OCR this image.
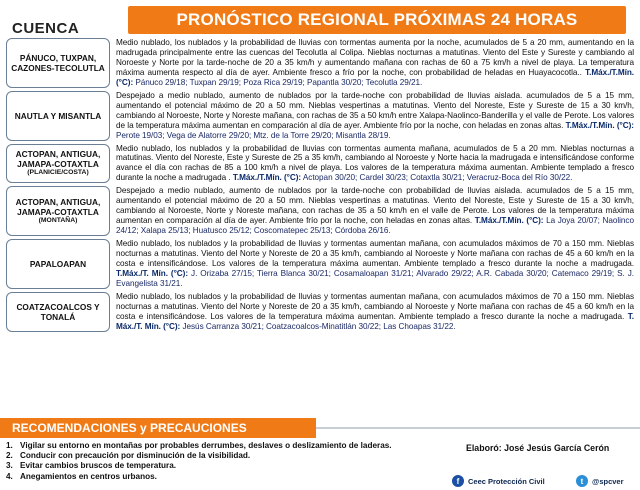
CUENCA	PRONÓSTICO REGIONAL PRÓXIMAS 24 HORAS
PÁNUCO, TUXPAN, CAZONES-TECOLUTLA
Medio nublado, los nublados y la probabilidad de lluvias con tormentas aumenta por la noche, acumulados de 5 a 20 mm, aumentando en la madrugada principalmente entre las cuencas del Tecolutla al Colipa. Nieblas nocturnas a matutinas. Viento del Este y Sureste y cambiando al Noroeste y Norte por la tarde-noche de 20 a 35 km/h y aumentando mañana con rachas de 60 a 75 km/h a nivel de playa. La temperatura máxima aumenta respecto al día de ayer. Ambiente fresco a frío por la noche, con probabilidad de heladas en Huayacocotla.. T.Máx./T.Mín. (°C): Pánuco 29/18; Tuxpan 29/19; Poza Rica 29/19; Papantla 30/20; Tecolutla 29/21.
NAUTLA Y MISANTLA
Despejado a medio nublado, aumento de nublados por la tarde-noche con probabilidad de lluvias aislada. acumulados de 5 a 15 mm, aumentando el potencial máximo de 20 a 50 mm. Nieblas vespertinas a matutinas. Viento del Noreste, Este y Sureste de 15 a 30 km/h, cambiando al Noroeste, Norte y Noreste mañana, con rachas de 35 a 50 km/h entre Xalapa-Naolinco-Banderilla y el valle de Perote. Los valores de la temperatura máxima aumentan en comparación al día de ayer. Ambiente frío por la noche, con heladas en zonas altas. T.Máx./T.Mín. (°C): Perote 19/03; Vega de Alatorre 29/20; Mtz. de la Torre 29/20; Misantla 28/19.
ACTOPAN, ANTIGUA, JAMAPA-COTAXTLA
(PLANICIE/COSTA)
Medio nublado, los nublados y la probabilidad de lluvias con tormentas aumenta mañana, acumulados de 5 a 20 mm. Nieblas nocturnas a matutinas. Viento del Noreste, Este y Sureste de 25 a 35 km/h, cambiando al Noroeste y Norte hacia la madrugada e intensificándose conforme avance el día con rachas de 85 a 100 km/h a nivel de playa. Los valores de la temperatura máxima aumentan. Ambiente templado a fresco durante la noche a madrugada . T.Máx./T.Mín. (°C): Actopan 30/20; Cardel 30/23; Cotaxtla 30/21; Veracruz-Boca del Río 30/22.
ACTOPAN, ANTIGUA, JAMAPA-COTAXTLA
(MONTAÑA)
Despejado a medio nublado, aumento de nublados por la tarde-noche con probabilidad de lluvias aislada. acumulados de 5 a 15 mm, aumentando el potencial máximo de 20 a 50 mm. Nieblas vespertinas a matutinas. Viento del Noreste, Este y Sureste de 15 a 30 km/h, cambiando al Noroeste, Norte y Noreste mañana, con rachas de 35 a 50 km/h en el valle de Perote. Los valores de la temperatura máxima aumentan en comparación al día de ayer. Ambiente frío por la noche, con heladas en zonas altas. T.Máx./T.Mín. (°C): La Joya 20/07; Naolinco 24/12; Xalapa 25/13; Huatusco 25/12; Coscomatepec 25/13; Córdoba 26/16.
PAPALOAPAN
Medio nublado, los nublados y la probabilidad de lluvias y tormentas aumentan mañana, con acumulados máximos de 70 a 150 mm. Nieblas nocturnas a matutinas. Viento del Norte y Noreste de 20 a 35 km/h, cambiando al Noroeste y Norte mañana con rachas de 45 a 60 km/h en la costa e intensificándose. Los valores de la temperatura máxima aumentan. Ambiente templado a fresco durante la noche a madrugada. T.Máx./T. Mín. (°C): J. Orizaba 27/15; Tierra Blanca 30/21; Cosamaloapan 31/21; Alvarado 29/22; A.R. Cabada 30/20; Catemaco 29/19; S. J. Evangelista 31/21.
COATZACOALCOS Y TONALÁ
Medio nublado, los nublados y la probabilidad de lluvias y tormentas aumentan mañana, con acumulados máximos de 70 a 150 mm. Nieblas nocturnas a matutinas. Viento del Norte y Noreste de 20 a 35 km/h, cambiando al Noroeste y Norte mañana con rachas de 45 a 60 km/h en la costa e intensificándose. Los valores de la temperatura máxima aumentan. Ambiente templado a fresco durante la noche a madrugada. T. Máx./T. Mín. (°C): Jesús Carranza 30/21; Coatzacoalcos-Minatitlán 30/22; Las Choapas 31/22.
RECOMENDACIONES y PRECAUCIONES
1. Vigilar su entorno en montañas por probables derrumbes, deslaves o deslizamiento de laderas.
2. Conducir con precaución por disminución de la visibilidad.
3. Evitar cambios bruscos de temperatura.
4. Anegamientos en centros urbanos.
Elaboró: José Jesús García Cerón
f	Ceec Protección Civil	t	@spcver
